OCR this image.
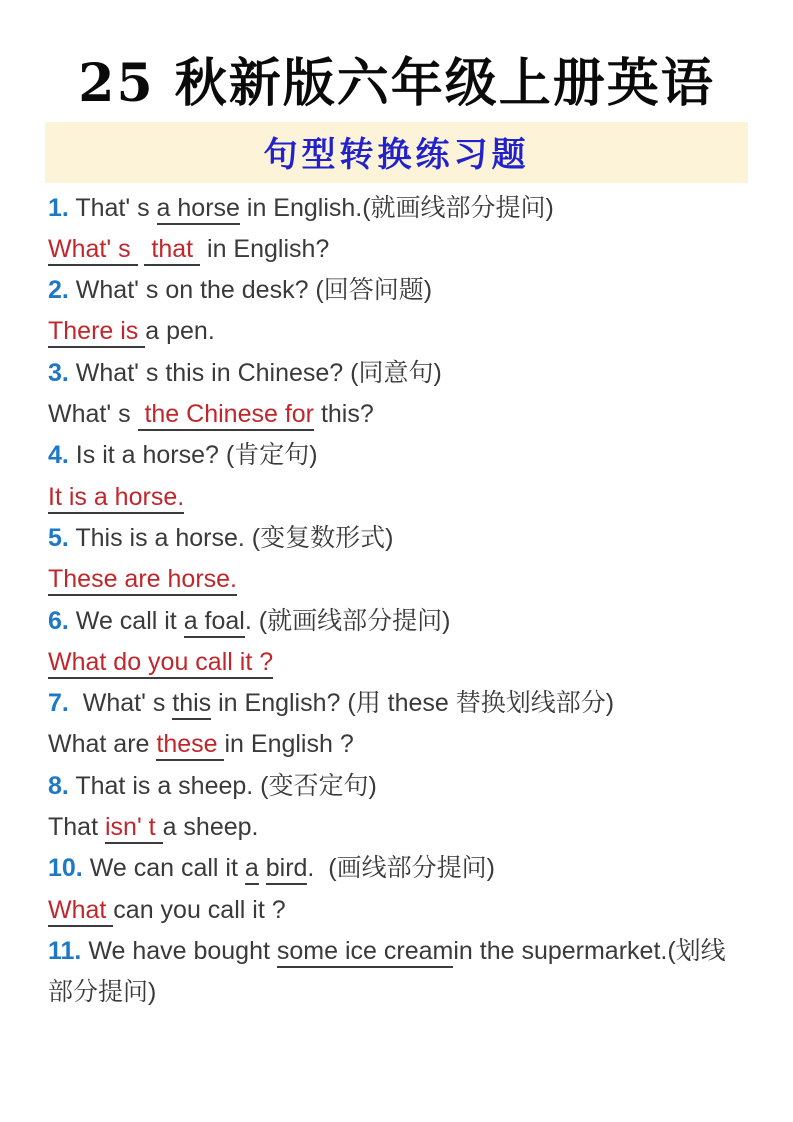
25 秋新版六年级上册英语
句型转换练习题
1. That' s a horse in English.(就画线部分提问)
What' s   that  in English?
2. What' s on the desk? (回答问题)
There is a pen.
3. What' s this in Chinese? (同意句)
What' s  the Chinese for this?
4. Is it a horse? (肯定句)
It is a horse.
5. This is a horse. (变复数形式)
These are horse.
6. We call it a foal. (就画线部分提问)
What do you call it ?
7.  What' s this in English? (用 these 替换划线部分)
What are these in English ?
8. That is a sheep. (变否定句)
That isn' t a sheep.
10. We can call it a bird.  (画线部分提问)
What can you call it ?
11. We have bought some ice creamin the supermarket.(划线
部分提问)
